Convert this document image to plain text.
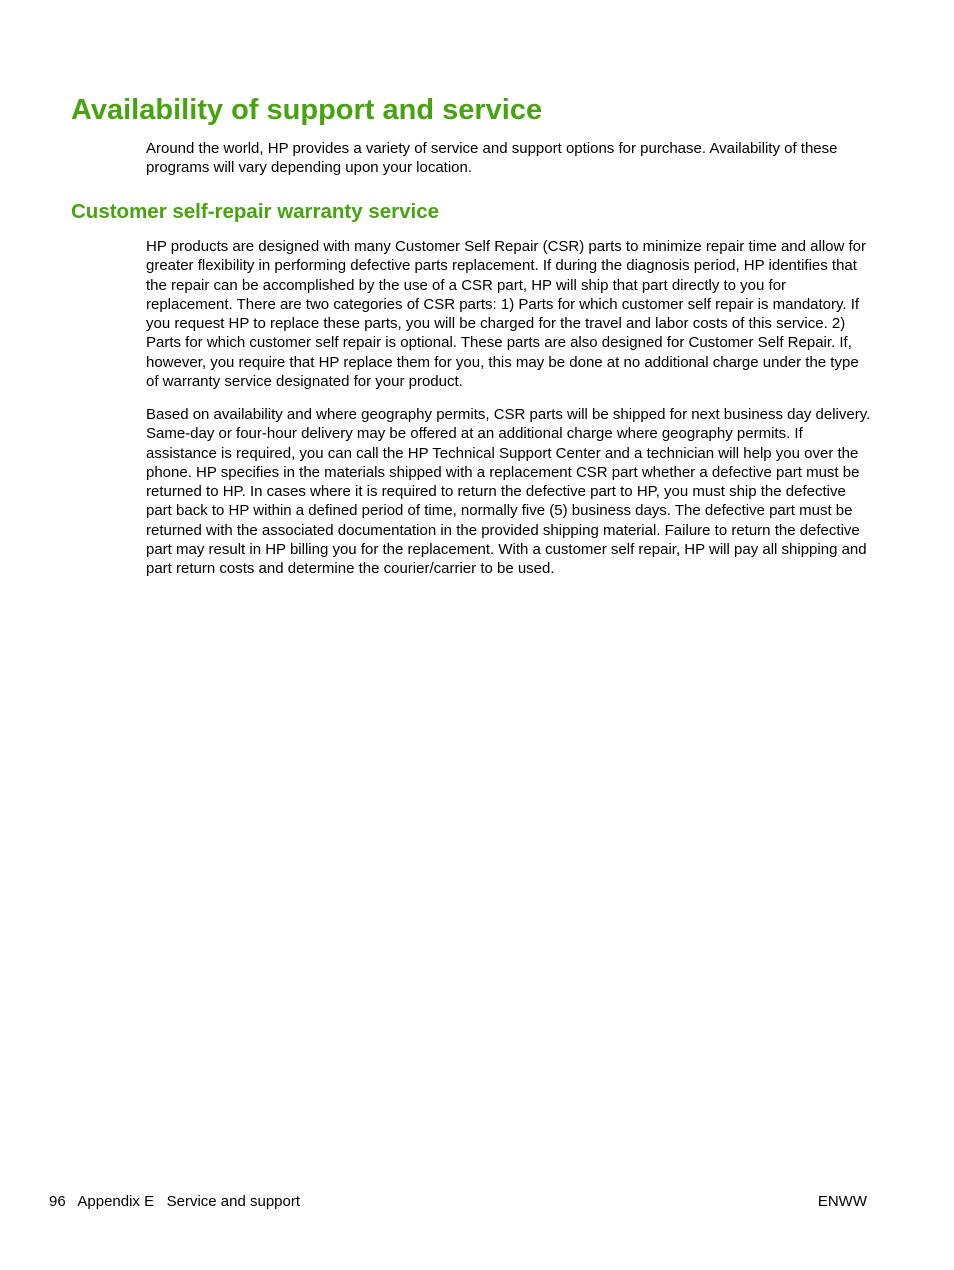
Availability of support and service

Around the world, HP provides a variety of service and support options for purchase. Availability of these programs will vary depending upon your location.

Customer self-repair warranty service

HP products are designed with many Customer Self Repair (CSR) parts to minimize repair time and allow for greater flexibility in performing defective parts replacement. If during the diagnosis period, HP identifies that the repair can be accomplished by the use of a CSR part, HP will ship that part directly to you for replacement. There are two categories of CSR parts: 1) Parts for which customer self repair is mandatory. If you request HP to replace these parts, you will be charged for the travel and labor costs of this service. 2) Parts for which customer self repair is optional. These parts are also designed for Customer Self Repair. If, however, you require that HP replace them for you, this may be done at no additional charge under the type of warranty service designated for your product.

Based on availability and where geography permits, CSR parts will be shipped for next business day delivery. Same-day or four-hour delivery may be offered at an additional charge where geography permits. If assistance is required, you can call the HP Technical Support Center and a technician will help you over the phone. HP specifies in the materials shipped with a replacement CSR part whether a defective part must be returned to HP. In cases where it is required to return the defective part to HP, you must ship the defective part back to HP within a defined period of time, normally five (5) business days. The defective part must be returned with the associated documentation in the provided shipping material. Failure to return the defective part may result in HP billing you for the replacement. With a customer self repair, HP will pay all shipping and part return costs and determine the courier/carrier to be used.

96 Appendix E   Service and support	ENWW
